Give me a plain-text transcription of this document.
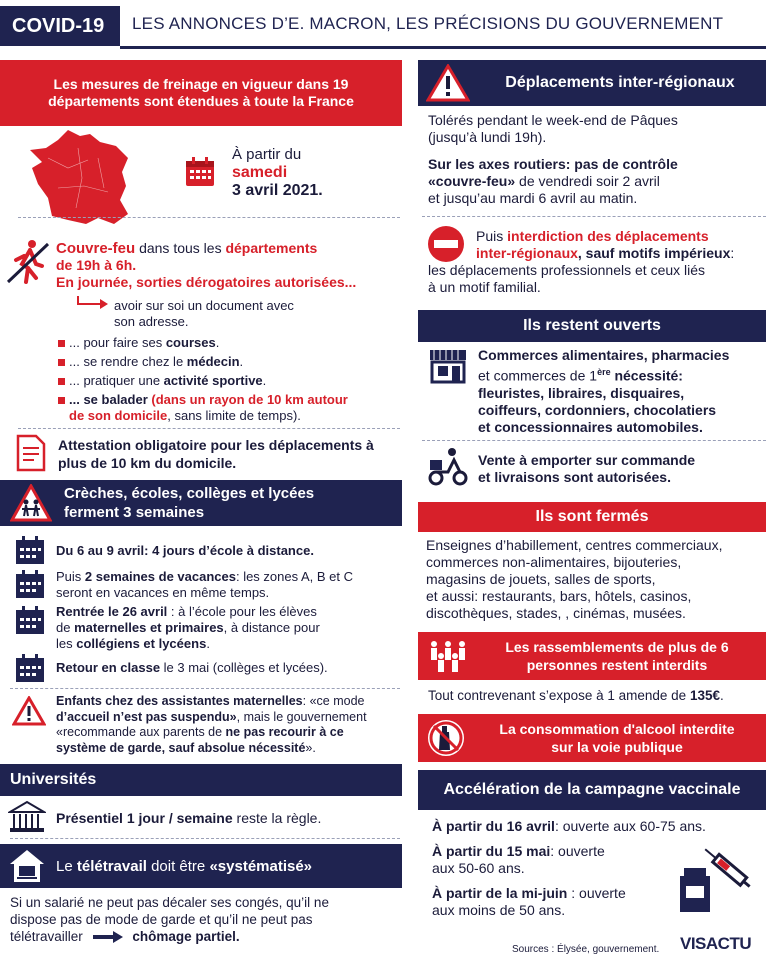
COVID-19	LES ANNONCES D’E. MACRON, LES PRÉCISIONS DU GOUVERNEMENT
Les mesures de freinage en vigueur dans 19 départements sont étendues à toute la France
À partir du
samedi
3 avril 2021.
Couvre-feu dans tous les départements
de 19h à 6h.
En journée, sorties dérogatoires autorisées...
avoir sur soi un document avec
son adresse.
... pour faire ses courses.
... se rendre chez le médecin.
... pratiquer une activité sportive.
... se balader (dans un rayon de 10 km autour
de son domicile, sans limite de temps).
Attestation obligatoire pour les déplacements à plus de 10 km du domicile.
Crèches, écoles, collèges et lycées ferment 3 semaines
Du 6 au 9 avril: 4 jours d’école à distance.
Puis 2 semaines de vacances: les zones A, B et C
seront en vacances en même temps.
Rentrée le 26 avril : à l’école pour les élèves
de maternelles et primaires, à distance pour
les collégiens et lycéens.
Retour en classe le 3 mai (collèges et lycées).
Enfants chez des assistantes maternelles: «ce mode
d’accueil n’est pas suspendu», mais le gouvernement
«recommande aux parents de ne pas recourir à ce
système de garde, sauf absolue nécessité».
Universités
Présentiel 1 jour / semaine reste la règle.
Le télétravail doit être «systématisé»
Si un salarié ne peut pas décaler ses congés, qu’il ne
dispose pas de mode de garde et qu’il ne peut pas
télétravailler	chômage partiel.
Déplacements inter-régionaux
Tolérés pendant le week-end de Pâques
(jusqu’à lundi 19h).
Sur les axes routiers: pas de contrôle
«couvre-feu» de vendredi soir 2 avril
et jusqu’au mardi 6 avril au matin.
Puis interdiction des déplacements
inter-régionaux, sauf motifs impérieux:
les déplacements professionnels et ceux liés
à un motif familial.
Ils restent ouverts
Commerces alimentaires, pharmacies
et commerces de 1ère nécessité:
fleuristes, libraires, disquaires,
coiffeurs, cordonniers, chocolatiers
et concessionnaires automobiles.
Vente à emporter sur commande
et livraisons sont autorisées.
Ils sont fermés
Enseignes d’habillement, centres commerciaux,
commerces non-alimentaires, bijouteries,
magasins de jouets, salles de sports,
et aussi: restaurants, bars, hôtels, casinos,
discothèques, stades, , cinémas, musées.
Les rassemblements de plus de 6 personnes restent interdits
Tout contrevenant s’expose à 1 amende de 135€.
La consommation d'alcool interdite sur la voie publique
Accélération de la campagne vaccinale
À partir du 16 avril: ouverte aux 60-75 ans.
À partir du 15 mai: ouverte
aux 50-60 ans.
À partir de la mi-juin : ouverte
aux moins de 50 ans.
Sources : Élysée, gouvernement. VISACTU
